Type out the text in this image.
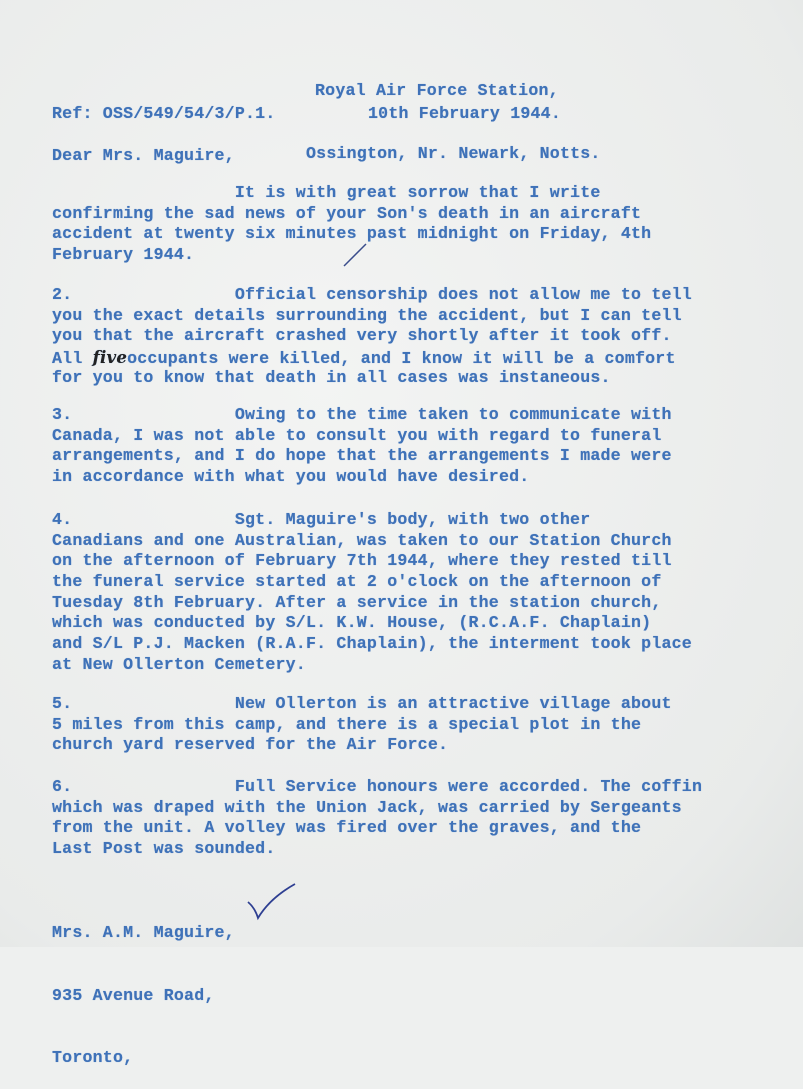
Royal Air Force Station,

Ossington, Nr. Newark, Notts.

Ref: OSS/549/54/3/P.1.	10th February 1944.
Dear Mrs. Maguire,
It is with great sorrow that I write
confirming the sad news of your Son's death in an aircraft
accident at twenty six minutes past midnight on Friday, 4th
February 1944.
2.                Official censorship does not allow me to tell
you the exact details surrounding the accident, but I can tell
you that the aircraft crashed very shortly after it took off.
All fiveoccupants were killed, and I know it will be a comfort
for you to know that death in all cases was instaneous.
3.                Owing to the time taken to communicate with
Canada, I was not able to consult you with regard to funeral
arrangements, and I do hope that the arrangements I made were
in accordance with what you would have desired.
4.                Sgt. Maguire's body, with two other
Canadians and one Australian, was taken to our Station Church
on the afternoon of February 7th 1944, where they rested till
the funeral service started at 2 o'clock on the afternoon of
Tuesday 8th February. After a service in the station church,
which was conducted by S/L. K.W. House, (R.C.A.F. Chaplain)
and S/L P.J. Macken (R.A.F. Chaplain), the interment took place
at New Ollerton Cemetery.
5.                New Ollerton is an attractive village about
5 miles from this camp, and there is a special plot in the
church yard reserved for the Air Force.
6.                Full Service honours were accorded. The coffin
which was draped with the Union Jack, was carried by Sergeants
from the unit. A volley was fired over the graves, and the
Last Post was sounded.

Mrs. A.M. Maguire,

935 Avenue Road,

Toronto,
